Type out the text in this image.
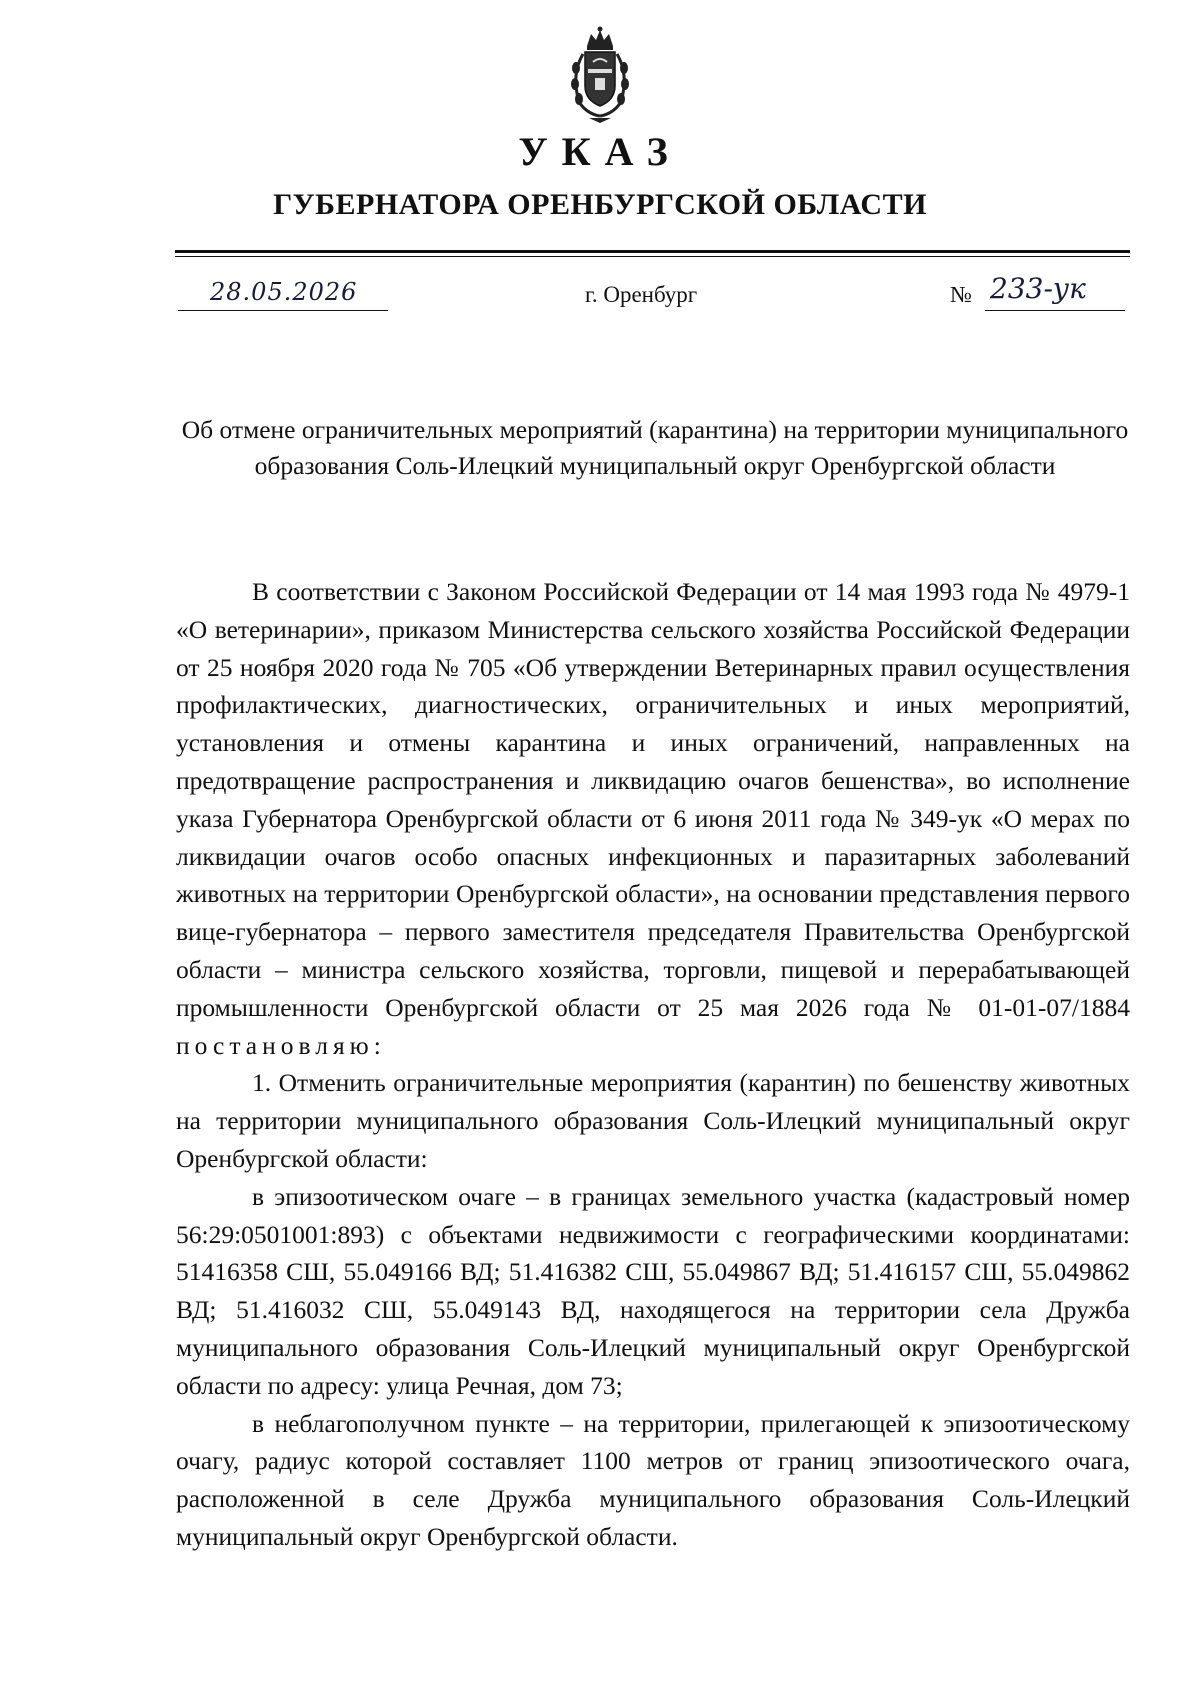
УКАЗ
ГУБЕРНАТОРА ОРЕНБУРГСКОЙ ОБЛАСТИ
28.05.2026	г. Оренбург	№ 233-ук
Об отмене ограничительных мероприятий (карантина) на территории муниципального образования Соль-Илецкий муниципальный округ Оренбургской области

В соответствии с Законом Российской Федерации от 14 мая 1993 года № 4979-1 «О ветеринарии», приказом Министерства сельского хозяйства Российской Федерации от 25 ноября 2020 года № 705 «Об утверждении Ветеринарных правил осуществления профилактических, диагностических, ограничительных и иных мероприятий, установления и отмены карантина и иных ограничений, направленных на предотвращение распространения и ликвидацию очагов бешенства», во исполнение указа Губернатора Оренбургской области от 6 июня 2011 года № 349-ук «О мерах по ликвидации очагов особо опасных инфекционных и паразитарных заболеваний животных на территории Оренбургской области», на основании представления первого вице-губернатора – первого заместителя председателя Правительства Оренбургской области – министра сельского хозяйства, торговли, пищевой и перерабатывающей промышленности Оренбургской области от 25 мая 2026 года № 01-01-07/1884 постановляю:

1. Отменить ограничительные мероприятия (карантин) по бешенству животных на территории муниципального образования Соль-Илецкий муниципальный округ Оренбургской области:

в эпизоотическом очаге – в границах земельного участка (кадастровый номер 56:29:0501001:893) с объектами недвижимости с географическими координатами: 51416358 СШ, 55.049166 ВД; 51.416382 СШ, 55.049867 ВД; 51.416157 СШ, 55.049862 ВД; 51.416032 СШ, 55.049143 ВД, находящегося на территории села Дружба муниципального образования Соль-Илецкий муниципальный округ Оренбургской области по адресу: улица Речная, дом 73;

в неблагополучном пункте – на территории, прилегающей к эпизоотическому очагу, радиус которой составляет 1100 метров от границ эпизоотического очага, расположенной в селе Дружба муниципального образования Соль-Илецкий муниципальный округ Оренбургской области.
